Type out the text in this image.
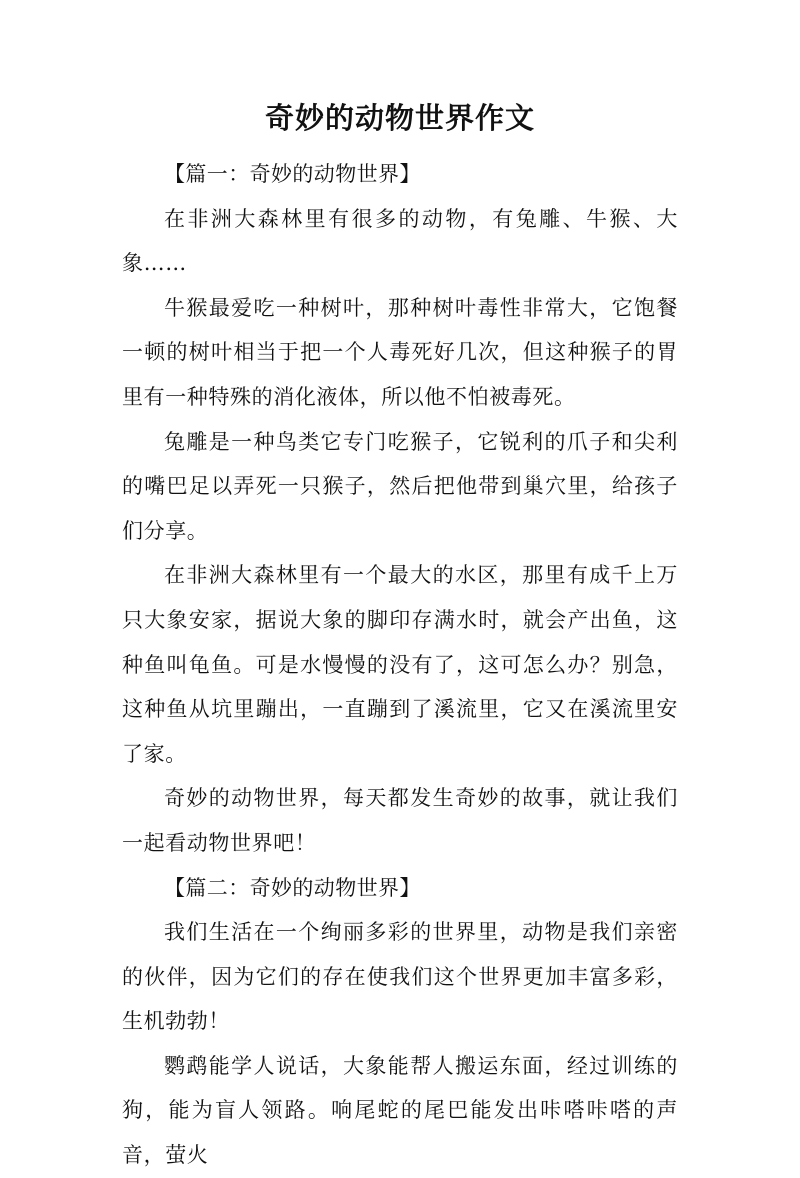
奇妙的动物世界作文

【篇一：奇妙的动物世界】

在非洲大森林里有很多的动物，有兔雕、牛猴、大象……

牛猴最爱吃一种树叶，那种树叶毒性非常大，它饱餐一顿的树叶相当于把一个人毒死好几次，但这种猴子的胃里有一种特殊的消化液体，所以他不怕被毒死。

兔雕是一种鸟类它专门吃猴子，它锐利的爪子和尖利的嘴巴足以弄死一只猴子，然后把他带到巢穴里，给孩子们分享。

在非洲大森林里有一个最大的水区，那里有成千上万只大象安家，据说大象的脚印存满水时，就会产出鱼，这种鱼叫龟鱼。可是水慢慢的没有了，这可怎么办？别急，这种鱼从坑里蹦出，一直蹦到了溪流里，它又在溪流里安了家。

奇妙的动物世界，每天都发生奇妙的故事，就让我们一起看动物世界吧！

【篇二：奇妙的动物世界】

我们生活在一个绚丽多彩的世界里，动物是我们亲密的伙伴，因为它们的存在使我们这个世界更加丰富多彩，生机勃勃！

鹦鹉能学人说话，大象能帮人搬运东面，经过训练的狗，能为盲人领路。响尾蛇的尾巴能发出咔嗒咔嗒的声音，萤火
